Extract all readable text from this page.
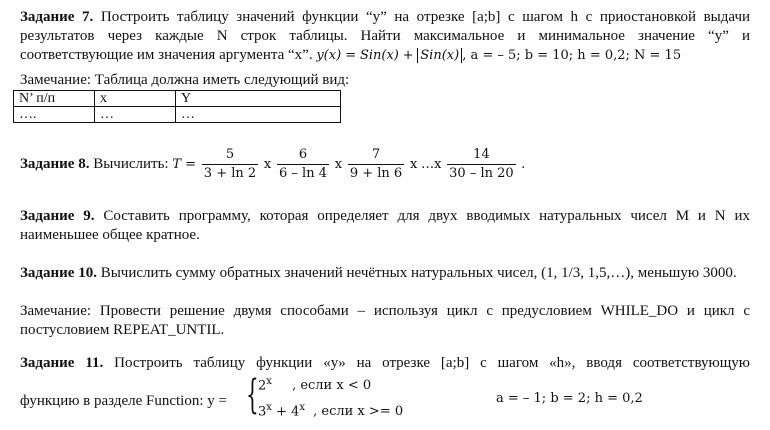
Задание 7. Построить таблицу значений функции “y” на отрезке [a;b] с шагом h с приостановкой выдачи результатов через каждые N строк таблицы. Найти максимальное и минимальное значение “y” и соответствующие им значения аргумента “x”. y(x) = Sin(x) + Sin(x) , a = – 5; b = 10; h = 0,2; N = 15
Замечание: Таблица должна иметь следующий вид:
N’ п/п	x	Y
….	…	…
Задание 8. Вычислить: $T = \frac{5}{3 + \ln 2}$ x $\frac{6}{6 - \ln 4}$ x $\frac{7}{9 + \ln 6}$ x …x $\frac{14}{30 - \ln 20}$ .
Задание 9. Составить программу, которая определяет для двух вводимых натуральных чисел M и N их наименьшее общее кратное.
Задание 10. Вычислить сумму обратных значений нечётных натуральных чисел, (1, 1/3, 1,5,…), меньшую 3000.
Замечание: Провести решение двумя способами – используя цикл с предусловием WHILE_DO и цикл с постусловием REPEAT_UNTIL.
Задание 11. Построить таблицу функции «y» на отрезке [a;b] с шагом «h», вводя соответствующую
функцию в разделе Function: y = { 2$^x$ , если x < 0
$3^x + 4^x$ , если x >= 0
a = – 1; b = 2; h = 0,2
